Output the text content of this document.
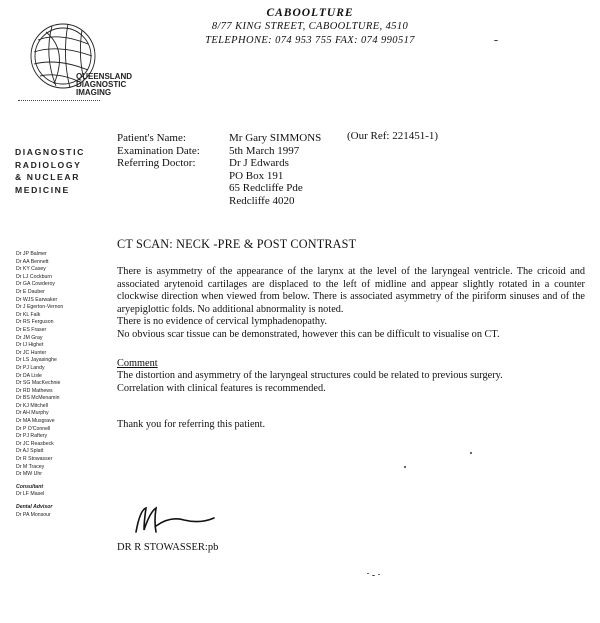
QUEENSLAND
DIAGNOSTIC
IMAGING
CABOOLTURE
8/77 KING STREET, CABOOLTURE, 4510
TELEPHONE: 074 953 755 FAX: 074 990517
DIAGNOSTIC
RADIOLOGY
& NUCLEAR
MEDICINE
Dr JP Balmer
Dr AA Bennett
Dr KY Casey
Dr LJ Cockburn
Dr GA Cowderoy
Dr E Dauber
Dr WJS Earwaker
Dr J Egerton-Vernon
Dr KL Falk
Dr RS Ferguson
Dr ES Fraser
Dr JM Gray
Dr IJ Highet
Dr JC Hunter
Dr LS Jayasinghe
Dr PJ Landy
Dr DA Lisle
Dr SG MacKechnie
Dr RD Mathews
Dr BS McMenamin
Dr KJ Mitchell
Dr AH Murphy
Dr MA Musgrave
Dr P O'Connell
Dr PJ Raftery
Dr JC Reasbeck
Dr AJ Splatt
Dr R Stowasser
Dr M Tracey
Dr MW Uhr
Consultant
Dr LF Masel
Dental Advisor
Dr PA Monsour
Patient's Name:	Mr Gary SIMMONS
Examination Date:	5th March 1997
Referring Doctor:	Dr J Edwards
PO Box 191
65 Redcliffe Pde
Redcliffe 4020
(Our Ref: 221451-1)
CT SCAN: NECK -PRE & POST CONTRAST

There is asymmetry of the appearance of the larynx at the level of the laryngeal ventricle. The cricoid and associated arytenoid cartilages are displaced to the left of midline and appear slightly rotated in a counter clockwise direction when viewed from below. There is associated asymmetry of the piriform sinuses and of the aryepiglottic folds. No additional abnormality is noted.

There is no evidence of cervical lymphadenopathy.

No obvious scar tissue can be demonstrated, however this can be difficult to visualise on CT.

Comment

The distortion and asymmetry of the laryngeal structures could be related to previous surgery.

Correlation with clinical features is recommended.

Thank you for referring this patient.

DR R STOWASSER:pb
